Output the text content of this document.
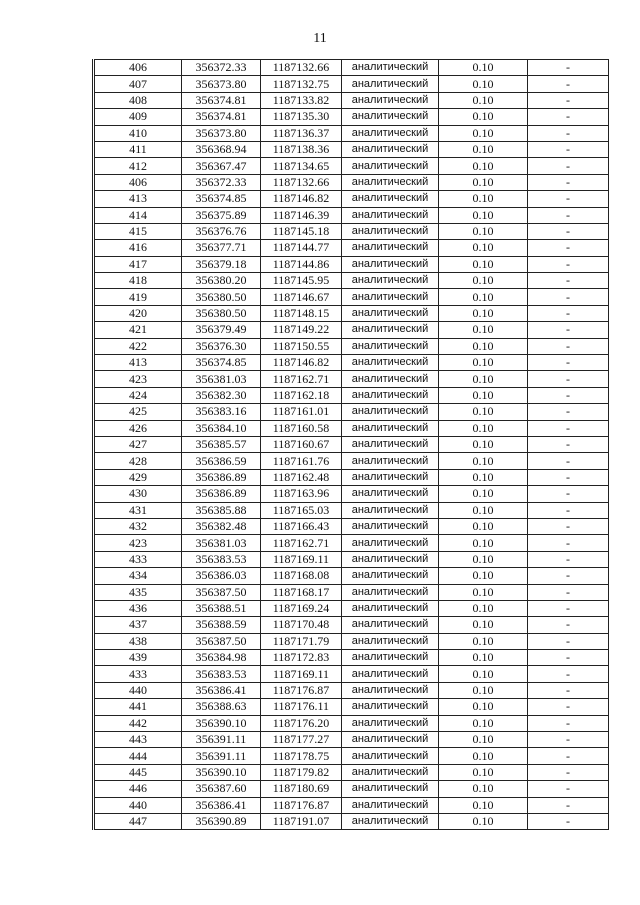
11
406	356372.33	1187132.66	аналитический	0.10	-
407	356373.80	1187132.75	аналитический	0.10	-
408	356374.81	1187133.82	аналитический	0.10	-
409	356374.81	1187135.30	аналитический	0.10	-
410	356373.80	1187136.37	аналитический	0.10	-
411	356368.94	1187138.36	аналитический	0.10	-
412	356367.47	1187134.65	аналитический	0.10	-
406	356372.33	1187132.66	аналитический	0.10	-
413	356374.85	1187146.82	аналитический	0.10	-
414	356375.89	1187146.39	аналитический	0.10	-
415	356376.76	1187145.18	аналитический	0.10	-
416	356377.71	1187144.77	аналитический	0.10	-
417	356379.18	1187144.86	аналитический	0.10	-
418	356380.20	1187145.95	аналитический	0.10	-
419	356380.50	1187146.67	аналитический	0.10	-
420	356380.50	1187148.15	аналитический	0.10	-
421	356379.49	1187149.22	аналитический	0.10	-
422	356376.30	1187150.55	аналитический	0.10	-
413	356374.85	1187146.82	аналитический	0.10	-
423	356381.03	1187162.71	аналитический	0.10	-
424	356382.30	1187162.18	аналитический	0.10	-
425	356383.16	1187161.01	аналитический	0.10	-
426	356384.10	1187160.58	аналитический	0.10	-
427	356385.57	1187160.67	аналитический	0.10	-
428	356386.59	1187161.76	аналитический	0.10	-
429	356386.89	1187162.48	аналитический	0.10	-
430	356386.89	1187163.96	аналитический	0.10	-
431	356385.88	1187165.03	аналитический	0.10	-
432	356382.48	1187166.43	аналитический	0.10	-
423	356381.03	1187162.71	аналитический	0.10	-
433	356383.53	1187169.11	аналитический	0.10	-
434	356386.03	1187168.08	аналитический	0.10	-
435	356387.50	1187168.17	аналитический	0.10	-
436	356388.51	1187169.24	аналитический	0.10	-
437	356388.59	1187170.48	аналитический	0.10	-
438	356387.50	1187171.79	аналитический	0.10	-
439	356384.98	1187172.83	аналитический	0.10	-
433	356383.53	1187169.11	аналитический	0.10	-
440	356386.41	1187176.87	аналитический	0.10	-
441	356388.63	1187176.11	аналитический	0.10	-
442	356390.10	1187176.20	аналитический	0.10	-
443	356391.11	1187177.27	аналитический	0.10	-
444	356391.11	1187178.75	аналитический	0.10	-
445	356390.10	1187179.82	аналитический	0.10	-
446	356387.60	1187180.69	аналитический	0.10	-
440	356386.41	1187176.87	аналитический	0.10	-
447	356390.89	1187191.07	аналитический	0.10	-
